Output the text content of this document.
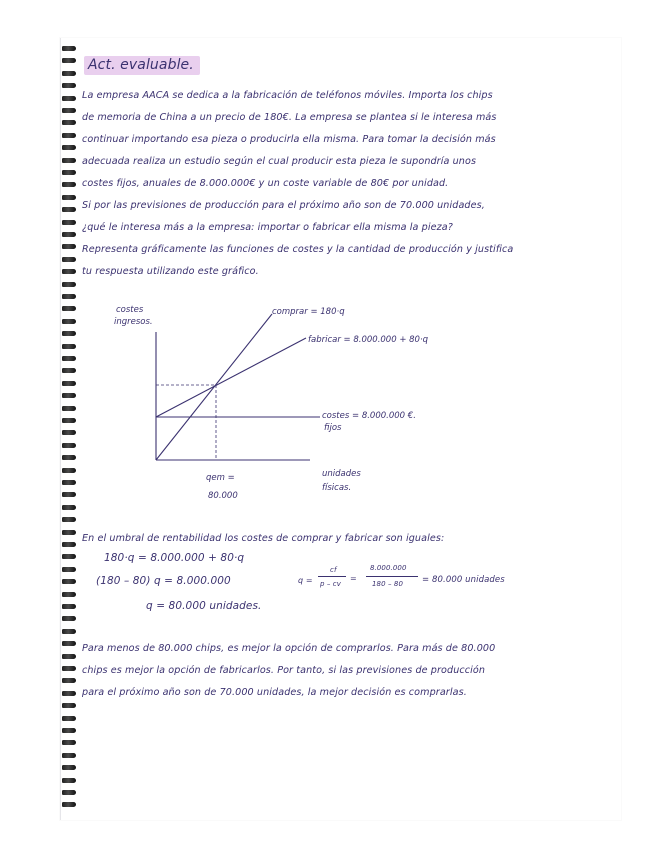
Act. evaluable.
La empresa AACA se dedica a la fabricación de teléfonos móviles. Importa los chips
de memoria de China a un precio de 180€. La empresa se plantea si le interesa más
continuar importando esa pieza o producirla ella misma. Para tomar la decisión más
adecuada realiza un estudio según el cual producir esta pieza le supondría unos
costes fijos, anuales de 8.000.000€ y un coste variable de 80€ por unidad.
Si por las previsiones de producción para el próximo año son de 70.000 unidades,
¿qué le interesa más a la empresa: importar o fabricar ella misma la pieza?
Representa gráficamente las funciones de costes y la cantidad de producción y justifica
tu respuesta utilizando este gráfico.
costes
ingresos.
comprar = 180·q
fabricar = 8.000.000 + 80·q
costes = 8.000.000 €.
fijos
unidades
físicas.
qem =
80.000
En el umbral de rentabilidad los costes de comprar y fabricar son iguales:
180·q = 8.000.000 + 80·q
(180 – 80) q = 8.000.000
q = 80.000 unidades.
q =
cf
p – cv
=
8.000.000
180 – 80 = 80.000 unidades
Para menos de 80.000 chips, es mejor la opción de comprarlos. Para más de 80.000
chips es mejor la opción de fabricarlos. Por tanto, si las previsiones de producción
para el próximo año son de 70.000 unidades, la mejor decisión es comprarlas.
